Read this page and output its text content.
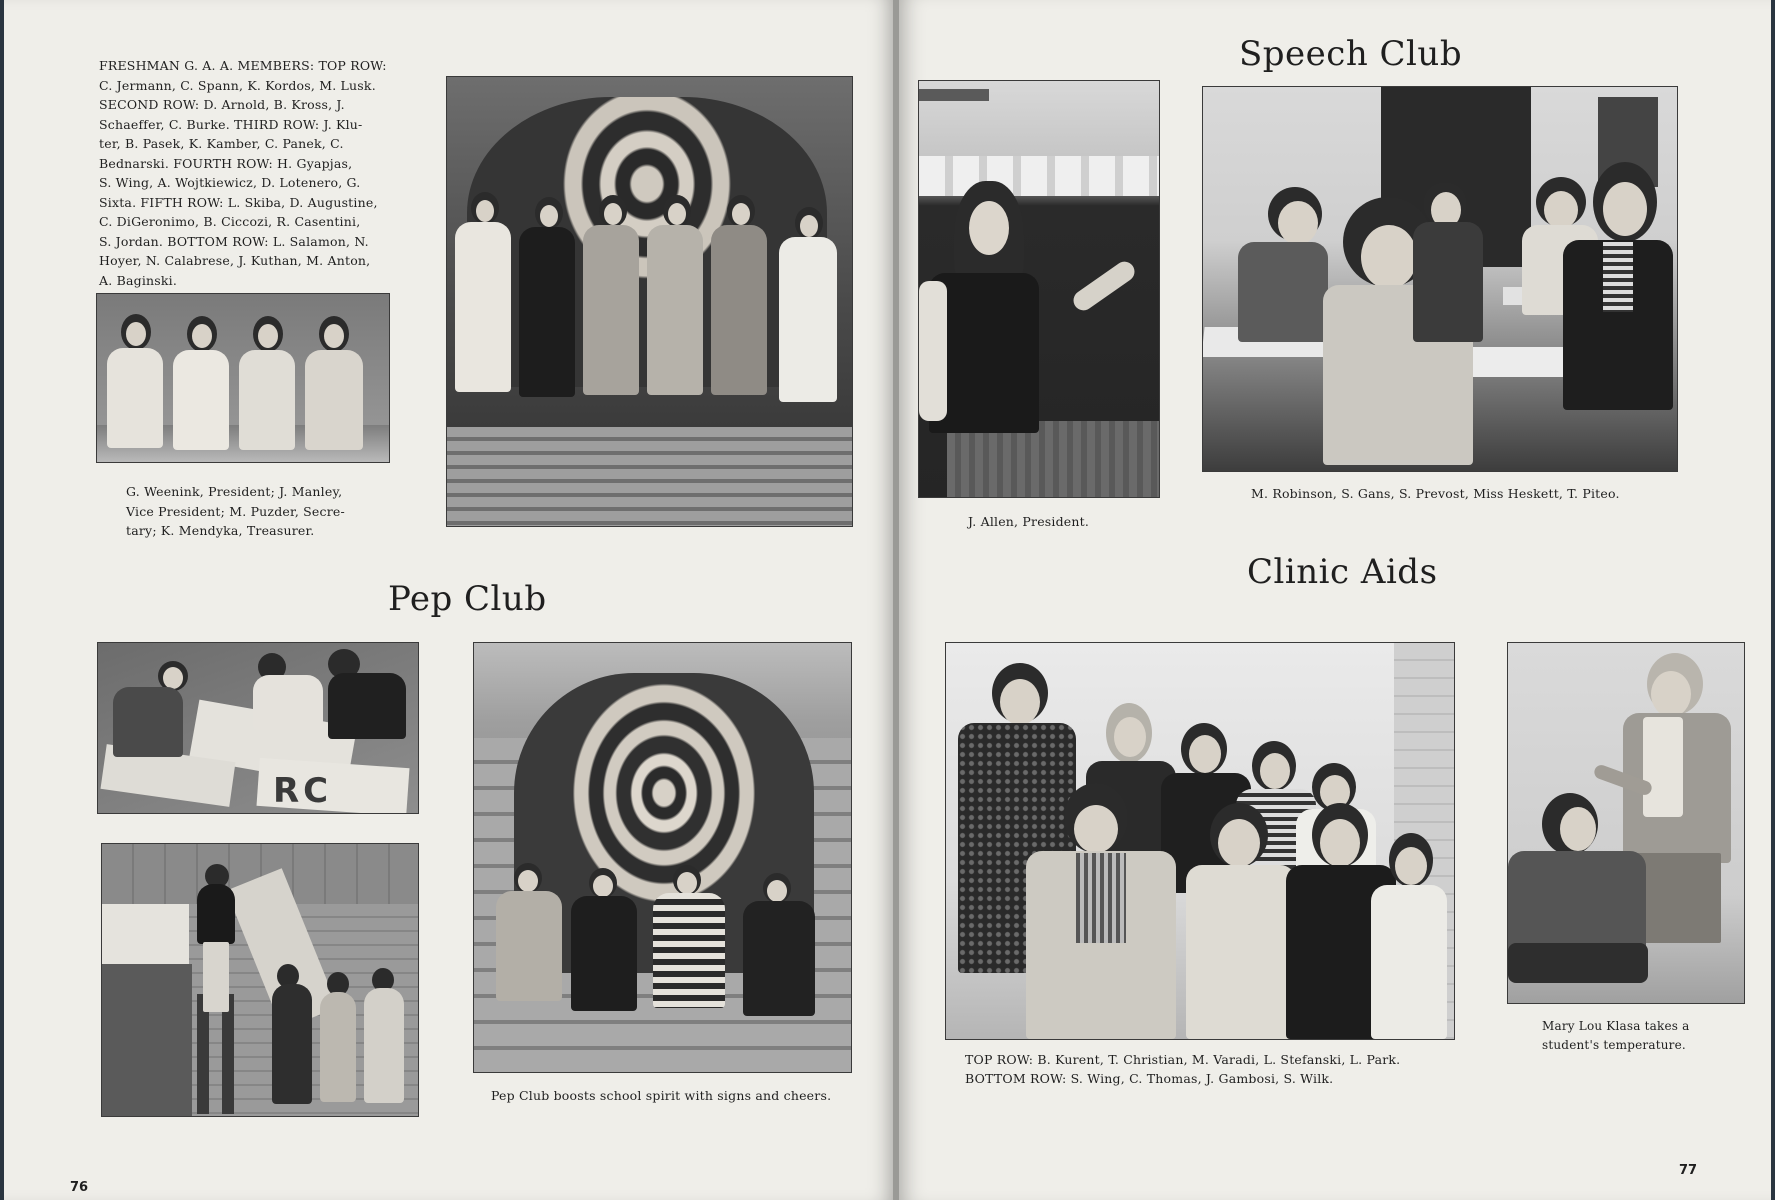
FRESHMAN G. A. A. MEMBERS: TOP ROW:
C. Jermann, C. Spann, K. Kordos, M. Lusk.
SECOND ROW: D. Arnold, B. Kross, J.
Schaeffer, C. Burke. THIRD ROW: J. Klu-
ter, B. Pasek, K. Kamber, C. Panek, C.
Bednarski. FOURTH ROW: H. Gyapjas,
S. Wing, A. Wojtkiewicz, D. Lotenero, G.
Sixta. FIFTH ROW: L. Skiba, D. Augustine,
C. DiGeronimo, B. Ciccozi, R. Casentini,
S. Jordan. BOTTOM ROW: L. Salamon, N.
Hoyer, N. Calabrese, J. Kuthan, M. Anton,
A. Baginski.
G. Weenink, President; J. Manley,
Vice President; M. Puzder, Secre-
tary; K. Mendyka, Treasurer.
Pep Club
RC
Pep Club boosts school spirit with signs and cheers.
76
Speech Club
J. Allen, President.
M. Robinson, S. Gans, S. Prevost, Miss Heskett, T. Piteo.
Clinic Aids
TOP ROW: B. Kurent, T. Christian, M. Varadi, L. Stefanski, L. Park.
BOTTOM ROW: S. Wing, C. Thomas, J. Gambosi, S. Wilk.
Mary Lou Klasa takes a
student's temperature.
77
